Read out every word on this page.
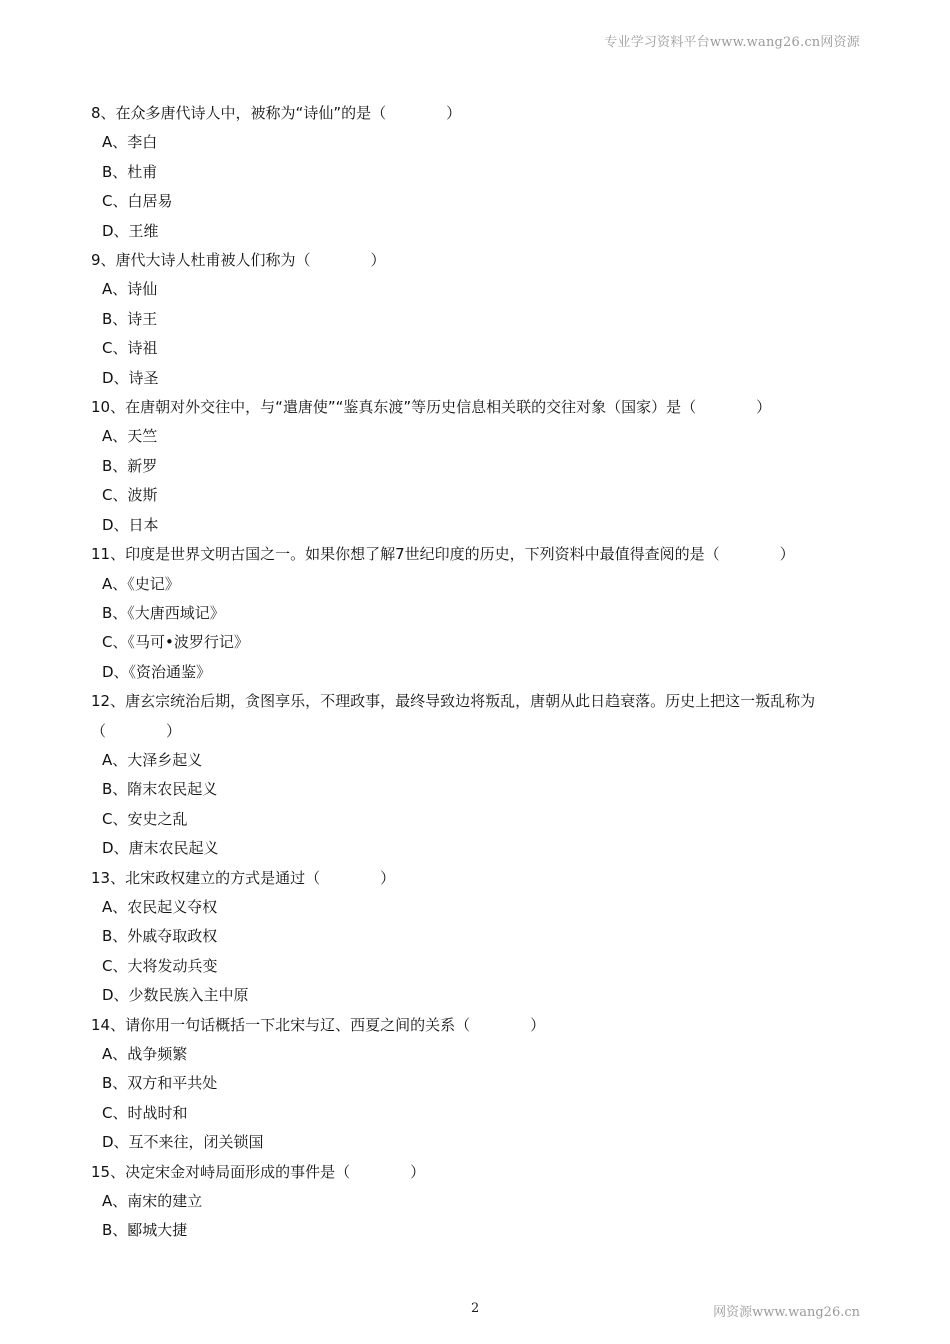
专业学习资料平台www.wang26.cn网资源
8、在众多唐代诗人中，被称为“诗仙”的是（　　　　）
A、李白
B、杜甫
C、白居易
D、王维
9、唐代大诗人杜甫被人们称为（　　　　）
A、诗仙
B、诗王
C、诗祖
D、诗圣
10、在唐朝对外交往中，与“遣唐使”“鉴真东渡”等历史信息相关联的交往对象（国家）是（　　　　）
A、天竺
B、新罗
C、波斯
D、日本
11、印度是世界文明古国之一。如果你想了解7世纪印度的历史，下列资料中最值得查阅的是（　　　　）
A、《史记》
B、《大唐西域记》
C、《马可•波罗行记》
D、《资治通鉴》
12、唐玄宗统治后期，贪图享乐，不理政事，最终导致边将叛乱，唐朝从此日趋衰落。历史上把这一叛乱称为（　　　　）
A、大泽乡起义
B、隋末农民起义
C、安史之乱
D、唐末农民起义
13、北宋政权建立的方式是通过（　　　　）
A、农民起义夺权
B、外戚夺取政权
C、大将发动兵变
D、少数民族入主中原
14、请你用一句话概括一下北宋与辽、西夏之间的关系（　　　　）
A、战争频繁
B、双方和平共处
C、时战时和
D、互不来往，闭关锁国
15、决定宋金对峙局面形成的事件是（　　　　）
A、南宋的建立
B、郾城大捷
2	网资源www.wang26.cn
